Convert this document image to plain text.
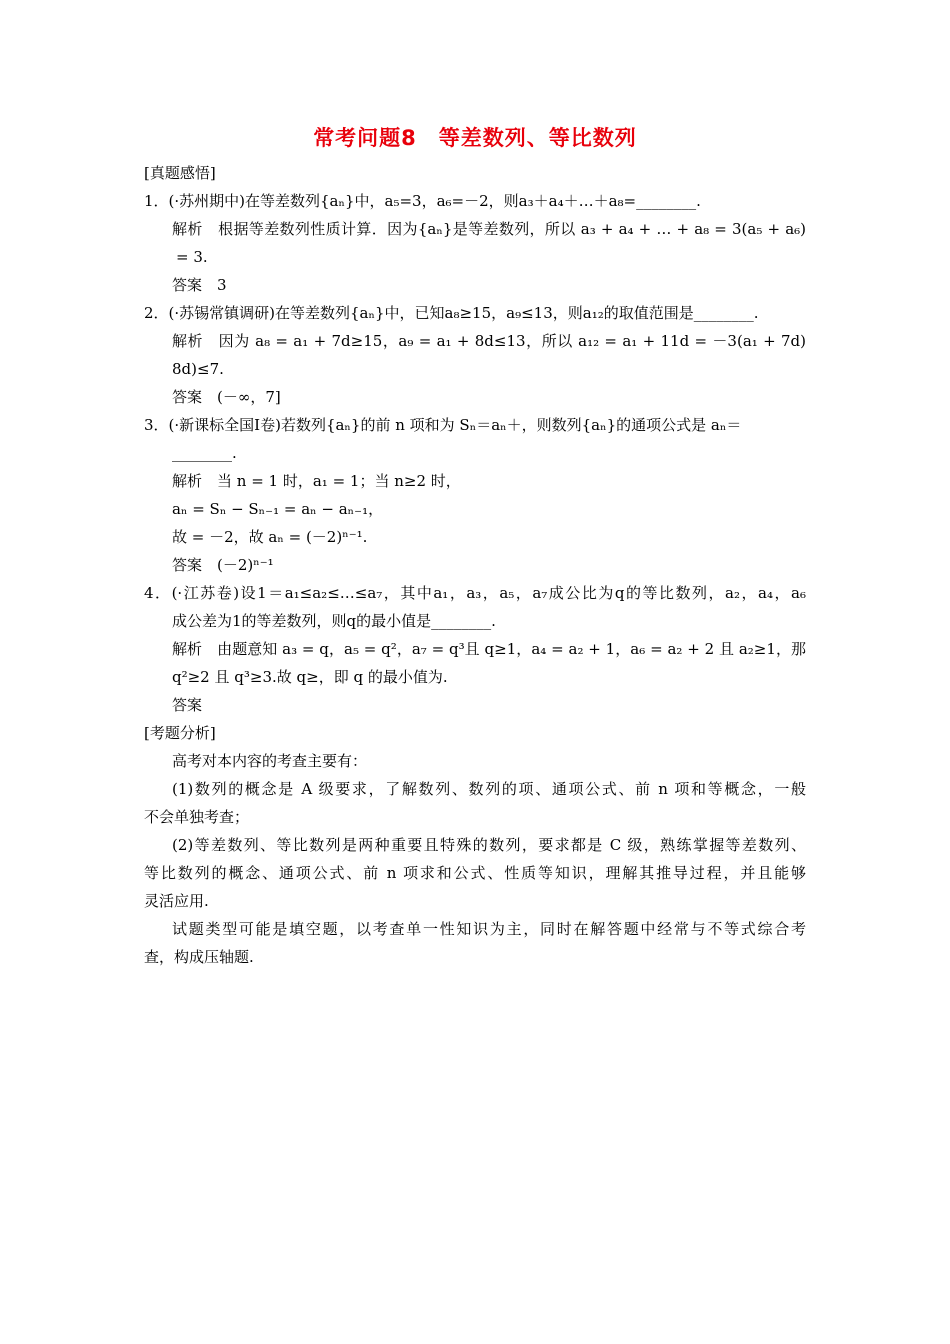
常考问题8　等差数列、等比数列
[真题感悟]
1．(·苏州期中)在等差数列{aₙ}中，a₅=3，a₆=－2，则a₃＋a₄＋…＋a₈=________.
解析　根据等差数列性质计算．因为{aₙ}是等差数列，所以 a₃ + a₄ + … + a₈ = 3(a₅ + a₆)
= 3.
答案　3
2．(·苏锡常镇调研)在等差数列{aₙ}中，已知a₈≥15，a₉≤13，则a₁₂的取值范围是________.
解析　因为 a₈ = a₁ + 7d≥15，a₉ = a₁ + 8d≤13，所以 a₁₂ = a₁ + 11d = －3(a₁ + 7d)
8d)≤7.
答案　(－∞，7]
3．(·新课标全国Ⅰ卷)若数列{aₙ}的前 n 项和为 Sₙ＝aₙ＋，则数列{aₙ}的通项公式是 aₙ＝
________.
解析　当 n = 1 时，a₁ = 1；当 n≥2 时，
aₙ = Sₙ − Sₙ₋₁ = aₙ − aₙ₋₁，
故 = －2，故 aₙ = (－2)ⁿ⁻¹.
答案　(－2)ⁿ⁻¹
4．(·江苏卷)设1＝a₁≤a₂≤…≤a₇，其中a₁，a₃，a₅，a₇成公比为q的等比数列，a₂，a₄，a₆
成公差为1的等差数列，则q的最小值是________.
解析　由题意知 a₃ = q，a₅ = q²，a₇ = q³且 q≥1，a₄ = a₂ + 1，a₆ = a₂ + 2 且 a₂≥1，那
q²≥2 且 q³≥3.故 q≥，即 q 的最小值为.
答案
[考题分析]
高考对本内容的考查主要有：
(1)数列的概念是 A 级要求，了解数列、数列的项、通项公式、前 n 项和等概念，一般
不会单独考查；
(2)等差数列、等比数列是两种重要且特殊的数列，要求都是 C 级，熟练掌握等差数列、
等比数列的概念、通项公式、前 n 项求和公式、性质等知识，理解其推导过程，并且能够
灵活应用.
试题类型可能是填空题，以考查单一性知识为主，同时在解答题中经常与不等式综合考
查，构成压轴题.
